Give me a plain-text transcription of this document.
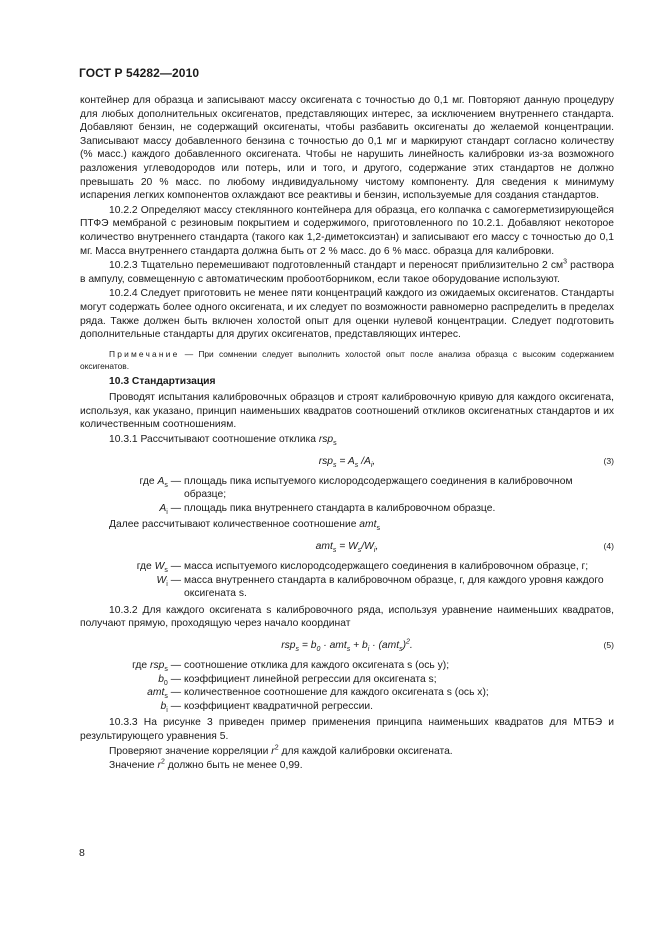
ГОСТ Р 54282—2010

контейнер для образца и записывают массу оксигената с точностью до 0,1 мг. Повторяют данную процедуру для любых дополнительных оксигенатов, представляющих интерес, за исключением внутреннего стандарта. Добавляют бензин, не содержащий оксигенаты, чтобы разбавить оксигенаты до желаемой концентрации. Записывают массу добавленного бензина с точностью до 0,1 мг и маркируют стандарт согласно количеству (% масс.) каждого добавленного оксигената. Чтобы не нарушить линейность калибровки из-за возможного разложения углеводородов или потерь, или и того, и другого, содержание этих стандартов не должно превышать 20 % масс. по любому индивидуальному чистому компоненту. Для сведения к минимуму испарения легких компонентов охлаждают все реактивы и бензин, используемые для создания стандартов.

10.2.2 Определяют массу стеклянного контейнера для образца, его колпачка с самогерметизирующейся ПТФЭ мембраной с резиновым покрытием и содержимого, приготовленного по 10.2.1. Добавляют некоторое количество внутреннего стандарта (такого как 1,2-диметоксиэтан) и записывают его массу с точностью до 0,1 мг. Масса внутреннего стандарта должна быть от 2 % масс. до 6 % масс. образца для калибровки.

10.2.3 Тщательно перемешивают подготовленный стандарт и переносят приблизительно 2 $см^3$ раствора в ампулу, совмещенную с автоматическим пробоотборником, если такое оборудование используют.

10.2.4 Следует приготовить не менее пяти концентраций каждого из ожидаемых оксигенатов. Стандарты могут содержать более одного оксигената, и их следует по возможности равномерно распределить в пределах ряда. Также должен быть включен холостой опыт для оценки нулевой концентрации. Следует подготовить дополнительные стандарты для других оксигенатов, представляющих интерес.

Примечание — При сомнении следует выполнить холостой опыт после анализа образца с высоким содержанием оксигенатов.

10.3 Стандартизация

Проводят испытания калибровочных образцов и строят калибровочную кривую для каждого оксигената, используя, как указано, принцип наименьших квадратов соотношений откликов оксигенатных стандартов и их количественным соотношениям.

10.3.1 Рассчитывают соотношение отклика rsp$_s$

$rsp_s = A_s$ $/A_i$,	(3)
где $A_s$ — площадь пика испытуемого кислородсодержащего соединения в калибровочном образце;
$A_i$ — площадь пика внутреннего стандарта в калибровочном образце.

Далее рассчитывают количественное соотношение amt$_s$

$amt_s = W_s/W_i$,	(4)
где $W_s$ — масса испытуемого кислородсодержащего соединения в калибровочном образце, г;
$W_i$ — масса внутреннего стандарта в калибровочном образце, г, для каждого уровня каждого оксигената s.

10.3.2 Для каждого оксигената s калибровочного ряда, используя уравнение наименьших квадратов, получают прямую, проходящую через начало координат

$rsp_s = b_0 \cdot amt_s + b_i \cdot (amt_s)^2$.	(5)
где rsp$_s$ — соотношение отклика для каждого оксигената s (ось y);
$b_0$ — коэффициент линейной регрессии для оксигената s;
amt$_s$ — количественное соотношение для каждого оксигената s (ось x);
$b_i$ — коэффициент квадратичной регрессии.

10.3.3 На рисунке 3 приведен пример применения принципа наименьших квадратов для МТБЭ и результирующего уравнения 5.

Проверяют значение корреляции $r^2$ для каждой калибровки оксигената.

Значение $r^2$ должно быть не менее 0,99.

8
